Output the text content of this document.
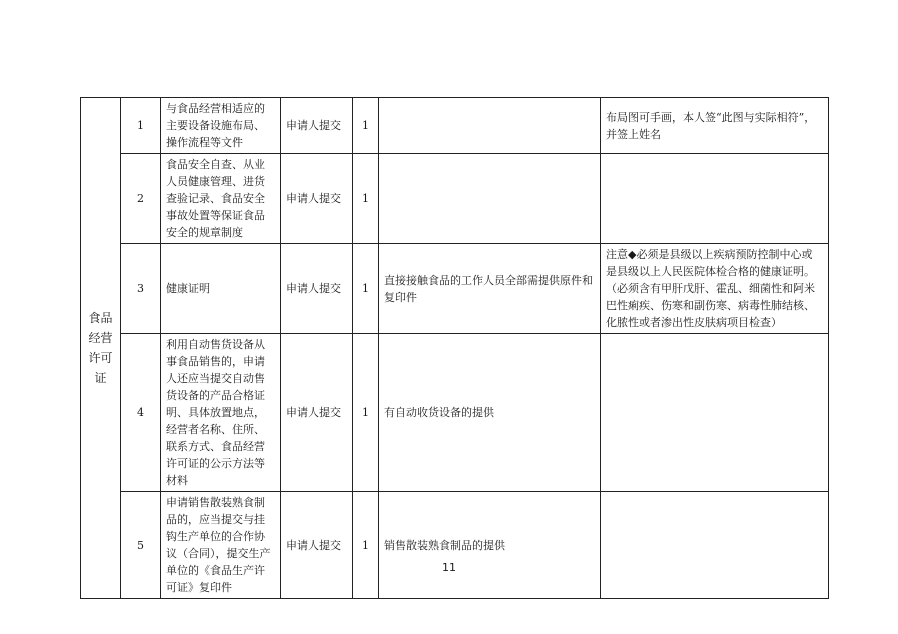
食品经营许可证	1	与食品经营相适应的主要设备设施布局、操作流程等文件	申请人提交	1		布局图可手画，本人签“此图与实际相符”，并签上姓名
	2	食品安全自查、从业人员健康管理、进货查验记录、食品安全事故处置等保证食品安全的规章制度	申请人提交	1		
	3	健康证明	申请人提交	1	直接接触食品的工作人员全部需提供原件和复印件	注意◆必须是县级以上疾病预防控制中心或是县级以上人民医院体检合格的健康证明。（必须含有甲肝戊肝、霍乱、细菌性和阿米巴性痢疾、伤寒和副伤寒、病毒性肺结核、化脓性或者渗出性皮肤病项目检查）
	4	利用自动售货设备从事食品销售的，申请人还应当提交自动售货设备的产品合格证明、具体放置地点，经营者名称、住所、联系方式、食品经营许可证的公示方法等材料	申请人提交	1	有自动收货设备的提供	
	5	申请销售散装熟食制品的，应当提交与挂钩生产单位的合作协议（合同），提交生产单位的《食品生产许可证》复印件	申请人提交	1	销售散装熟食制品的提供	
11
